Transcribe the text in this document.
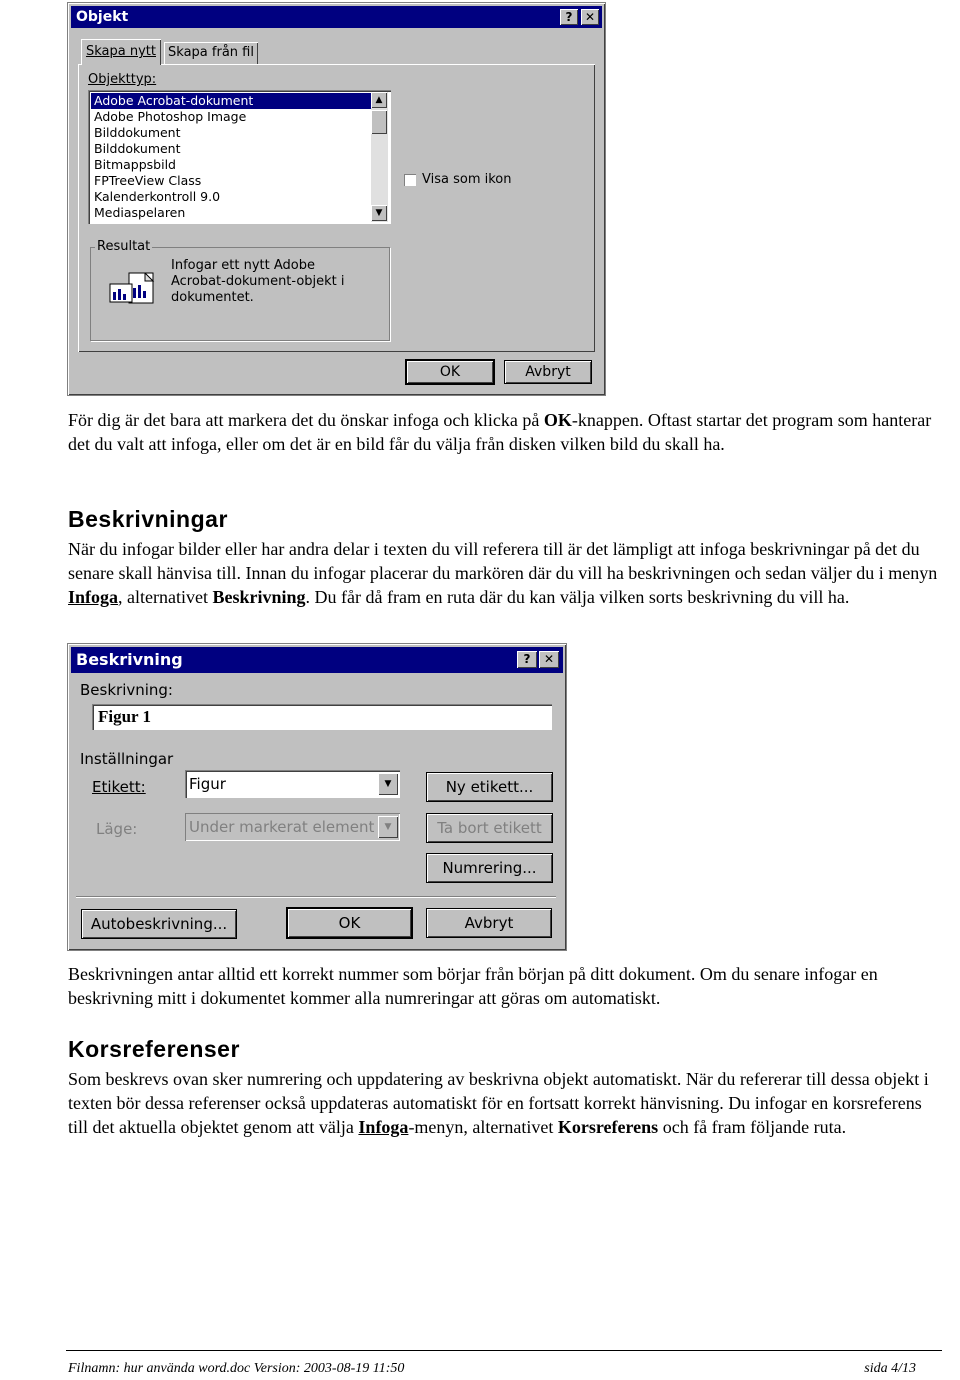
Objekt	?	✕
Skapa nytt Skapa från fil
Objekttyp:
Adobe Acrobat-dokument
Adobe Photoshop Image
Bilddokument
Bilddokument
Bitmappsbild
FPTreeView Class
Kalenderkontroll 9.0
Mediaspelaren
▲
▼
Visa som ikon
Resultat
Infogar ett nytt Adobe
Acrobat-dokument-objekt i
dokumentet.
OK	Avbryt

För dig är det bara att markera det du önskar infoga och klicka på OK-knappen. Oftast startar det program som hanterar det du valt att infoga, eller om det är en bild får du välja från disken vilken bild du skall ha.

Beskrivningar

När du infogar bilder eller har andra delar i texten du vill referera till är det lämpligt att infoga beskrivningar på det du senare skall hänvisa till. Innan du infogar placerar du markören där du vill ha beskrivningen och sedan väljer du i menyn Infoga, alternativet Beskrivning. Du får då fram en ruta där du kan välja vilken sorts beskrivning du vill ha.

Beskrivning	?	✕
Beskrivning:
Figur 1
Inställningar
Etikett:	Figur	▼
Läge:	Under markerat element	▼
Ny etikett...
Ta bort etikett
Numrering...
Autobeskrivning...	OK	Avbryt

Beskrivningen antar alltid ett korrekt nummer som börjar från början på ditt dokument. Om du senare infogar en beskrivning mitt i dokumentet kommer alla numreringar att göras om automatiskt.

Korsreferenser

Som beskrevs ovan sker numrering och uppdatering av beskrivna objekt automatiskt. När du refererar till dessa objekt i texten bör dessa referenser också uppdateras automatiskt för en fortsatt korrekt hänvisning. Du infogar en korsreferens till det aktuella objektet genom att välja Infoga-menyn, alternativet Korsreferens och få fram följande ruta.

Filnamn: hur använda word.doc Version: 2003-08-19 11:50	sida 4/13
